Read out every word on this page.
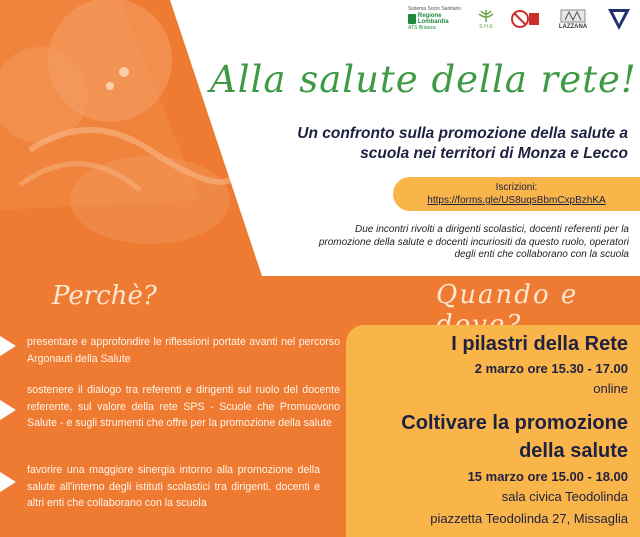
Sistema Socio Sanitario
Regione Lombardia
ATS Brianza	S·H·E	LAZZANA
Alla salute della rete!
Un confronto sulla promozione della salute a scuola nei territori di Monza e Lecco
Iscrizioni:
https://forms.gle/US8uqsBbmCxpBzhKA
Due incontri rivolti a dirigenti scolastici, docenti referenti per la promozione della salute e docenti incuriositi da questo ruolo, operatori degli enti che collaborano con la scuola
Perchè?	Quando e
presentare e approfondire le riflessioni portate avanti nel percorso Argonauti della Salute
sostenere il dialogo tra referenti e dirigenti sul ruolo del docente referente, sul valore della rete SPS - Scuole che Promuovono Salute - e sugli strumenti che offre per la promozione della salute
favorire una maggiore sinergia intorno alla promozione della salute all'interno degli istituti scolastici tra dirigenti, docenti e altri enti che collaborano con la scuola
I pilastri della Rete
2 marzo ore 15.30 - 17.00
online
Coltivare la promozione della salute
15 marzo ore 15.00 - 18.00
sala civica Teodolinda
piazzetta Teodolinda 27, Missaglia
